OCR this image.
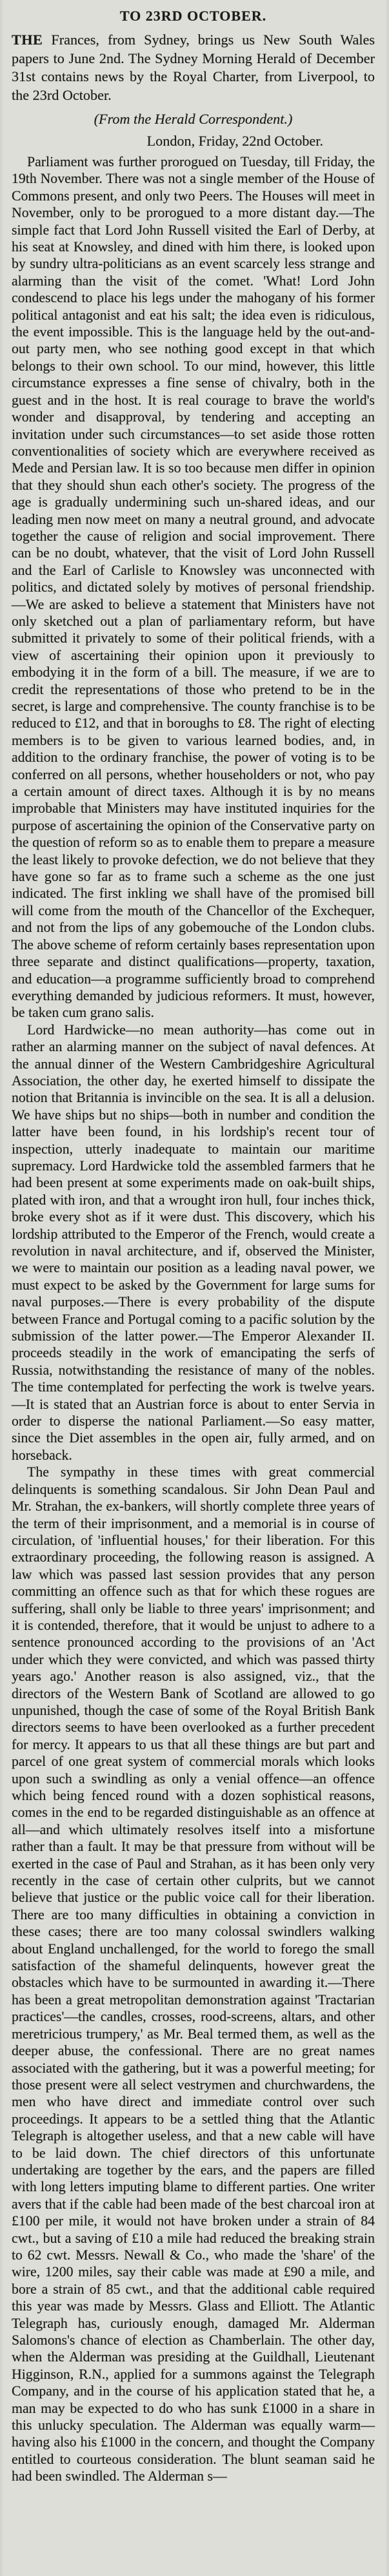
TO 23RD OCTOBER.

THE Frances, from Sydney, brings us New South Wales papers to June 2nd. The Sydney Morning Herald of December 31st contains news by the Royal Charter, from Liverpool, to the 23rd October.

(From the Herald Correspondent.)
London, Friday, 22nd October.

Parliament was further prorogued on Tuesday, till Friday, the 19th November. There was not a single member of the House of Commons present, and only two Peers. The Houses will meet in November, only to be prorogued to a more distant day.—The simple fact that Lord John Russell visited the Earl of Derby, at his seat at Knowsley, and dined with him there, is looked upon by sundry ultra-politicians as an event scarcely less strange and alarming than the visit of the comet. 'What! Lord John condescend to place his legs under the mahogany of his former political antagonist and eat his salt; the idea even is ridiculous, the event impossible. This is the language held by the out-and-out party men, who see nothing good except in that which belongs to their own school. To our mind, however, this little circumstance expresses a fine sense of chivalry, both in the guest and in the host. It is real courage to brave the world's wonder and disapproval, by tendering and accepting an invitation under such circumstances—to set aside those rotten conventionalities of society which are everywhere received as Mede and Persian law. It is so too because men differ in opinion that they should shun each other's society. The progress of the age is gradually undermining such un-shared ideas, and our leading men now meet on many a neutral ground, and advocate together the cause of religion and social improvement. There can be no doubt, whatever, that the visit of Lord John Russell and the Earl of Carlisle to Knowsley was unconnected with politics, and dictated solely by motives of personal friendship.—We are asked to believe a statement that Ministers have not only sketched out a plan of parliamentary reform, but have submitted it privately to some of their political friends, with a view of ascertaining their opinion upon it previously to embodying it in the form of a bill. The measure, if we are to credit the representations of those who pretend to be in the secret, is large and comprehensive. The county franchise is to be reduced to £12, and that in boroughs to £8. The right of electing members is to be given to various learned bodies, and, in addition to the ordinary franchise, the power of voting is to be conferred on all persons, whether householders or not, who pay a certain amount of direct taxes. Although it is by no means improbable that Ministers may have instituted inquiries for the purpose of ascertaining the opinion of the Conservative party on the question of reform so as to enable them to prepare a measure the least likely to provoke defection, we do not believe that they have gone so far as to frame such a scheme as the one just indicated. The first inkling we shall have of the promised bill will come from the mouth of the Chancellor of the Exchequer, and not from the lips of any gobemouche of the London clubs. The above scheme of reform certainly bases representation upon three separate and distinct qualifications—property, taxation, and education—a programme sufficiently broad to comprehend everything demanded by judicious reformers. It must, however, be taken cum grano salis.

Lord Hardwicke—no mean authority—has come out in rather an alarming manner on the subject of naval defences. At the annual dinner of the Western Cambridgeshire Agricultural Association, the other day, he exerted himself to dissipate the notion that Britannia is invincible on the sea. It is all a delusion. We have ships but no ships—both in number and condition the latter have been found, in his lordship's recent tour of inspection, utterly inadequate to maintain our maritime supremacy. Lord Hardwicke told the assembled farmers that he had been present at some experiments made on oak-built ships, plated with iron, and that a wrought iron hull, four inches thick, broke every shot as if it were dust. This discovery, which his lordship attributed to the Emperor of the French, would create a revolution in naval architecture, and if, observed the Minister, we were to maintain our position as a leading naval power, we must expect to be asked by the Government for large sums for naval purposes.—There is every probability of the dispute between France and Portugal coming to a pacific solution by the submission of the latter power.—The Emperor Alexander II. proceeds steadily in the work of emancipating the serfs of Russia, notwithstanding the resistance of many of the nobles. The time contemplated for perfecting the work is twelve years.—It is stated that an Austrian force is about to enter Servia in order to disperse the national Parliament.—So easy matter, since the Diet assembles in the open air, fully armed, and on horseback.

The sympathy in these times with great commercial delinquents is something scandalous. Sir John Dean Paul and Mr. Strahan, the ex-bankers, will shortly complete three years of the term of their imprisonment, and a memorial is in course of circulation, of 'influential houses,' for their liberation. For this extraordinary proceeding, the following reason is assigned. A law which was passed last session provides that any person committing an offence such as that for which these rogues are suffering, shall only be liable to three years' imprisonment; and it is contended, therefore, that it would be unjust to adhere to a sentence pronounced according to the provisions of an 'Act under which they were convicted, and which was passed thirty years ago.' Another reason is also assigned, viz., that the directors of the Western Bank of Scotland are allowed to go unpunished, though the case of some of the Royal British Bank directors seems to have been overlooked as a further precedent for mercy. It appears to us that all these things are but part and parcel of one great system of commercial morals which looks upon such a swindling as only a venial offence—an offence which being fenced round with a dozen sophistical reasons, comes in the end to be regarded distinguishable as an offence at all—and which ultimately resolves itself into a misfortune rather than a fault. It may be that pressure from without will be exerted in the case of Paul and Strahan, as it has been only very recently in the case of certain other culprits, but we cannot believe that justice or the public voice call for their liberation. There are too many difficulties in obtaining a conviction in these cases; there are too many colossal swindlers walking about England unchallenged, for the world to forego the small satisfaction of the shameful delinquents, however great the obstacles which have to be surmounted in awarding it.—There has been a great metropolitan demonstration against 'Tractarian practices'—the candles, crosses, rood-screens, altars, and other meretricious trumpery,' as Mr. Beal termed them, as well as the deeper abuse, the confessional. There are no great names associated with the gathering, but it was a powerful meeting; for those present were all select vestrymen and churchwardens, the men who have direct and immediate control over such proceedings. It appears to be a settled thing that the Atlantic Telegraph is altogether useless, and that a new cable will have to be laid down. The chief directors of this unfortunate undertaking are together by the ears, and the papers are filled with long letters imputing blame to different parties. One writer avers that if the cable had been made of the best charcoal iron at £100 per mile, it would not have broken under a strain of 84 cwt., but a saving of £10 a mile had reduced the breaking strain to 62 cwt. Messrs. Newall & Co., who made the 'share' of the wire, 1200 miles, say their cable was made at £90 a mile, and bore a strain of 85 cwt., and that the additional cable required this year was made by Messrs. Glass and Elliott. The Atlantic Telegraph has, curiously enough, damaged Mr. Alderman Salomons's chance of election as Chamberlain. The other day, when the Alderman was presiding at the Guildhall, Lieutenant Higginson, R.N., applied for a summons against the Telegraph Company, and in the course of his application stated that he, a man may be expected to do who has sunk £1000 in a share in this unlucky speculation. The Alderman was equally warm—having also his £1000 in the concern, and thought the Company entitled to courteous consideration. The blunt seaman said he had been swindled. The Alderman s—
